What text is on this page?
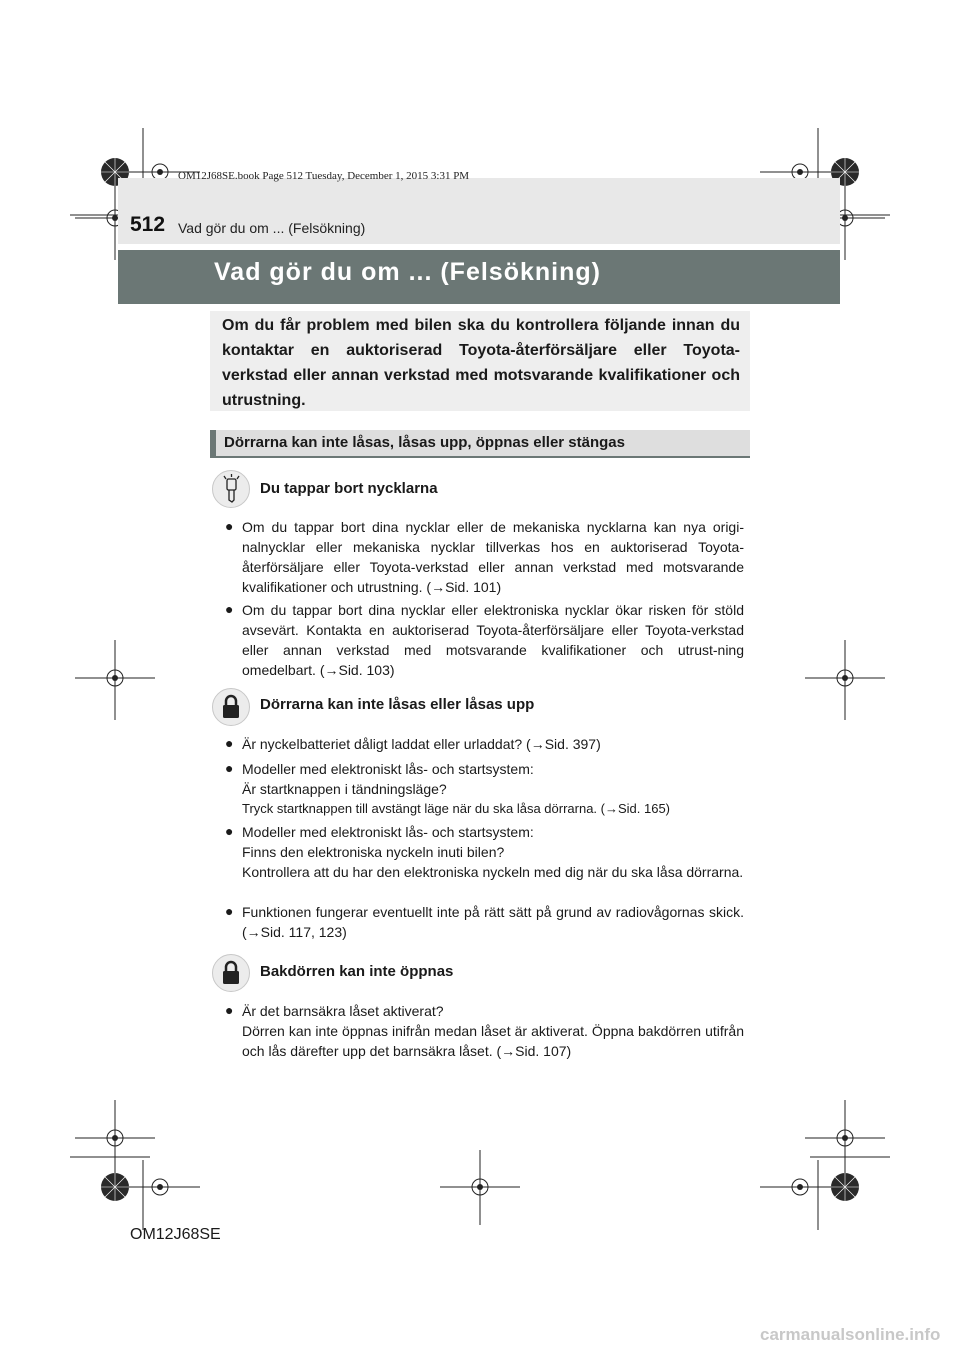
OM12J68SE.book Page 512 Tuesday, December 1, 2015 3:31 PM
512 Vad gör du om ... (Felsökning)
Vad gör du om ... (Felsökning)
Om du får problem med bilen ska du kontrollera följande innan du kontaktar en auktoriserad Toyota-återförsäljare eller Toyota-verkstad eller annan verkstad med motsvarande kvalifikationer och utrustning.
Dörrarna kan inte låsas, låsas upp, öppnas eller stängas
Du tappar bort nycklarna
● Om du tappar bort dina nycklar eller de mekaniska nycklarna kan nya origi-nalnycklar eller mekaniska nycklar tillverkas hos en auktoriserad Toyota-återförsäljare eller Toyota-verkstad eller annan verkstad med motsvarande kvalifikationer och utrustning. (→Sid. 101)
● Om du tappar bort dina nycklar eller elektroniska nycklar ökar risken för stöld avsevärt. Kontakta en auktoriserad Toyota-återförsäljare eller Toyota-verkstad eller annan verkstad med motsvarande kvalifikationer och utrust-ning omedelbart. (→Sid. 103)
Dörrarna kan inte låsas eller låsas upp
● Är nyckelbatteriet dåligt laddat eller urladdat? (→Sid. 397)
● Modeller med elektroniskt lås- och startsystem:
Är startknappen i tändningsläge?
Tryck startknappen till avstängt läge när du ska låsa dörrarna. (→Sid. 165)
● Modeller med elektroniskt lås- och startsystem:
Finns den elektroniska nyckeln inuti bilen?
Kontrollera att du har den elektroniska nyckeln med dig när du ska låsa dörrarna.
● Funktionen fungerar eventuellt inte på rätt sätt på grund av radiovågornas skick. (→Sid. 117, 123)
Bakdörren kan inte öppnas
● Är det barnsäkra låset aktiverat?
Dörren kan inte öppnas inifrån medan låset är aktiverat. Öppna bakdörren utifrån och lås därefter upp det barnsäkra låset. (→Sid. 107)
OM12J68SE
carmanualsonline.info
